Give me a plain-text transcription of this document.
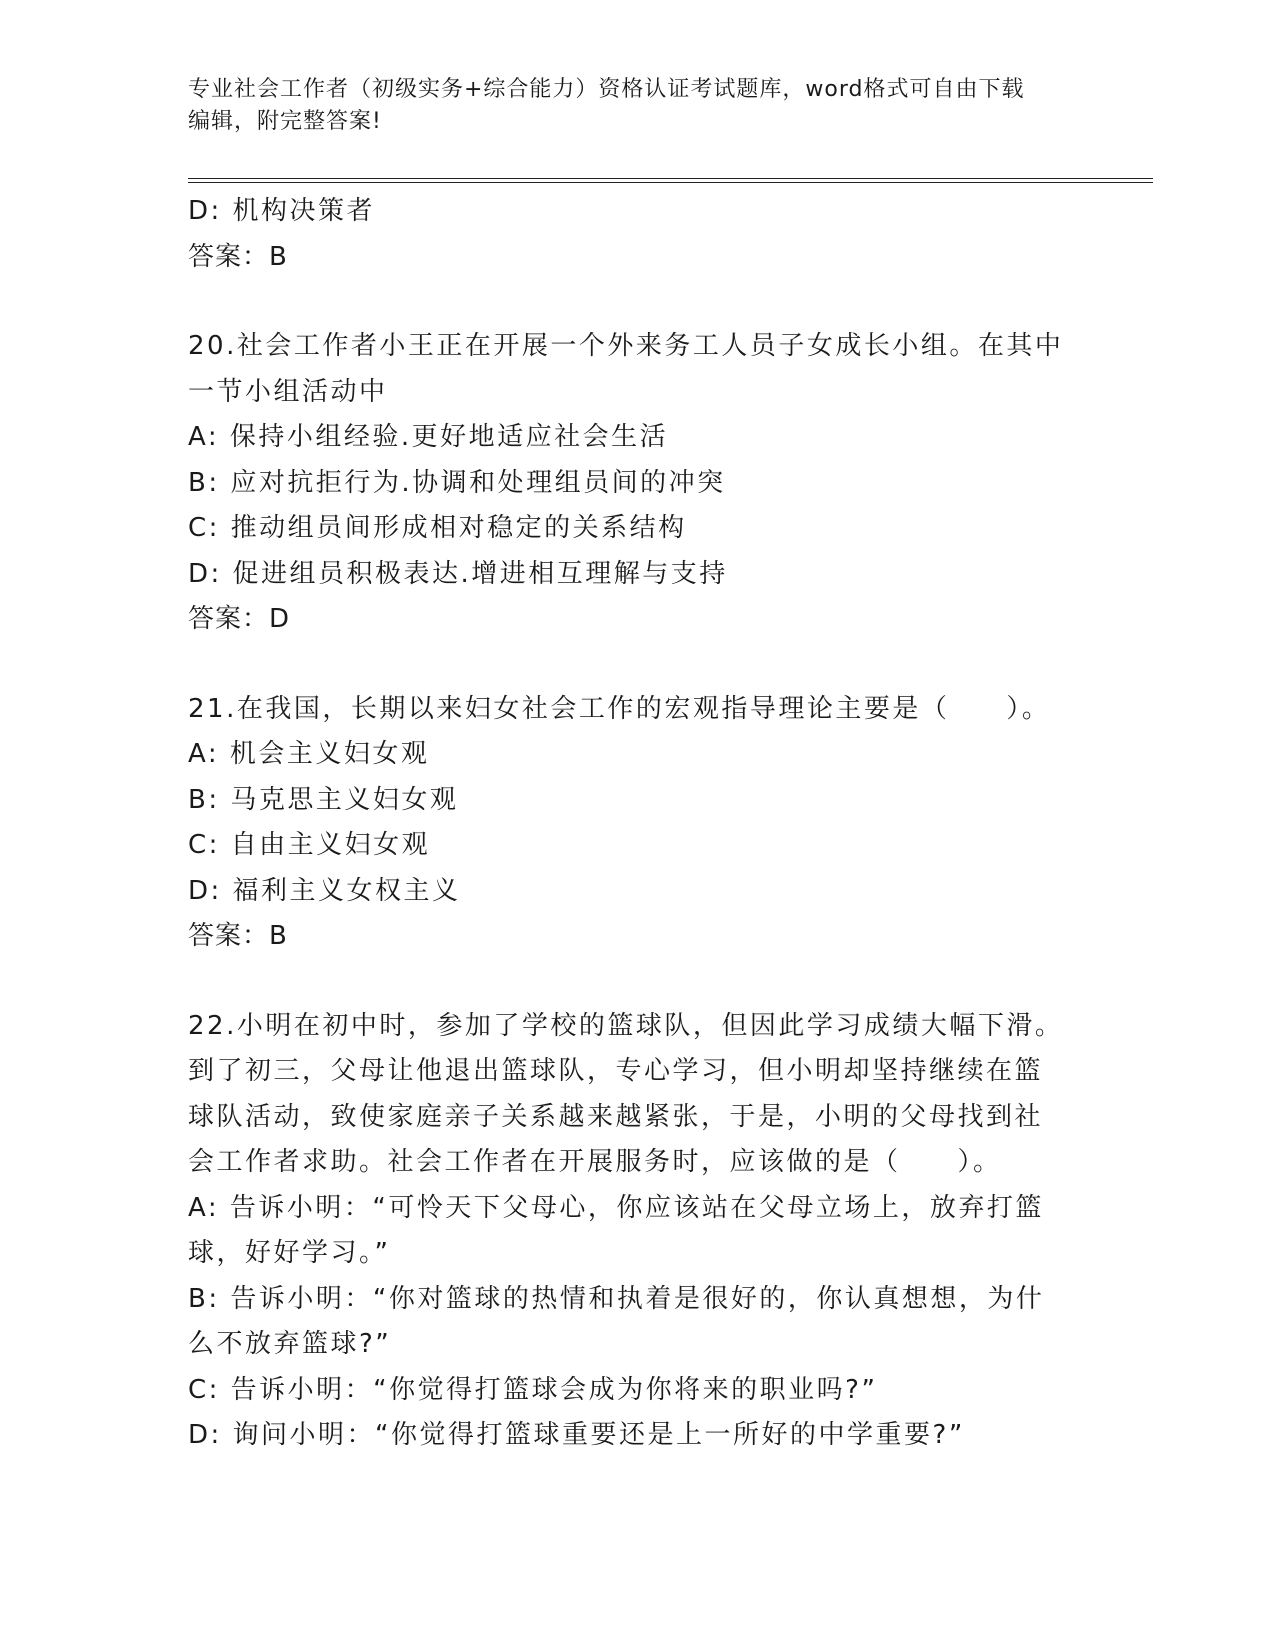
专业社会工作者（初级实务+综合能力）资格认证考试题库，word格式可自由下载
编辑，附完整答案!
D: 机构决策者
答案：B
20.社会工作者小王正在开展一个外来务工人员子女成长小组。在其中
一节小组活动中
A: 保持小组经验.更好地适应社会生活
B: 应对抗拒行为.协调和处理组员间的冲突
C: 推动组员间形成相对稳定的关系结构
D: 促进组员积极表达.增进相互理解与支持
答案：D
21.在我国，长期以来妇女社会工作的宏观指导理论主要是（　　）。
A: 机会主义妇女观
B: 马克思主义妇女观
C: 自由主义妇女观
D: 福利主义女权主义
答案：B
22.小明在初中时，参加了学校的篮球队，但因此学习成绩大幅下滑。
到了初三，父母让他退出篮球队，专心学习，但小明却坚持继续在篮
球队活动，致使家庭亲子关系越来越紧张，于是，小明的父母找到社
会工作者求助。社会工作者在开展服务时，应该做的是（　　）。
A: 告诉小明：“可怜天下父母心，你应该站在父母立场上，放弃打篮
球，好好学习。”
B: 告诉小明：“你对篮球的热情和执着是很好的，你认真想想，为什
么不放弃篮球?”
C: 告诉小明：“你觉得打篮球会成为你将来的职业吗?”
D: 询问小明：“你觉得打篮球重要还是上一所好的中学重要?”
